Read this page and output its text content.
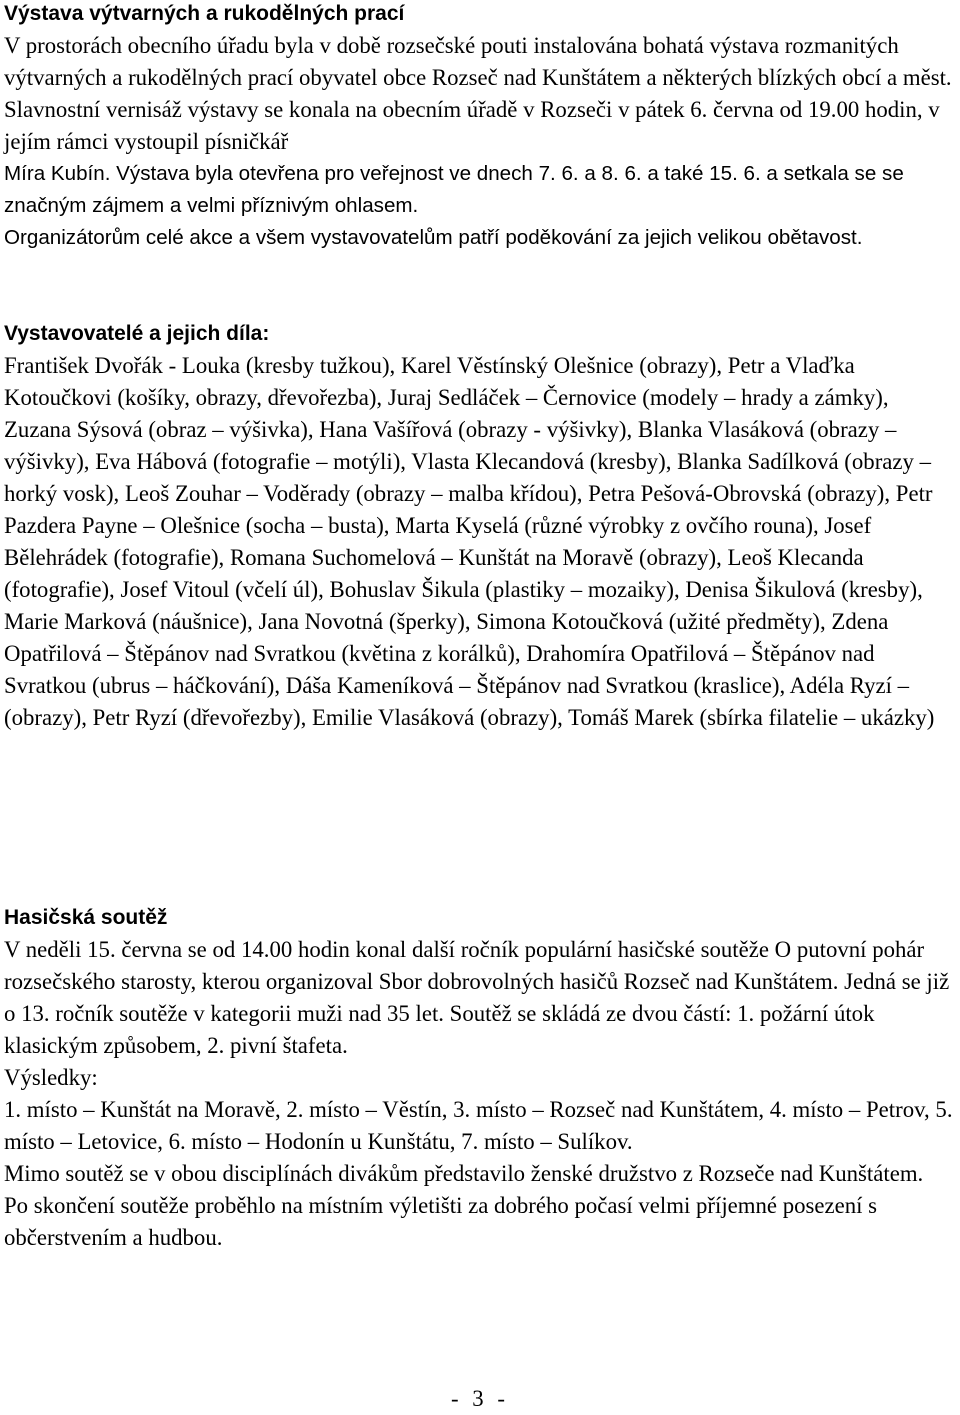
Výstava výtvarných a rukodělných prací

V prostorách obecního úřadu byla v době rozsečské pouti instalována bohatá výstava rozmanitých výtvarných a rukodělných prací obyvatel obce Rozseč nad Kunštátem a některých blízkých obcí a měst. Slavnostní vernisáž výstavy se konala na obecním úřadě v Rozseči v pátek 6. června od 19.00 hodin, v jejím rámci vystoupil písničkář

Míra Kubín. Výstava byla otevřena pro veřejnost ve dnech 7. 6. a 8. 6. a také 15. 6. a setkala se se značným zájmem a velmi příznivým ohlasem.

Organizátorům celé akce a všem vystavovatelům patří poděkování za jejich velikou obětavost.

Vystavovatelé a jejich díla:

František Dvořák - Louka (kresby tužkou), Karel Věstínský Olešnice (obrazy), Petr a Vlaďka Kotoučkovi (košíky, obrazy, dřevořezba), Juraj Sedláček – Černovice (modely – hrady a zámky), Zuzana Sýsová (obraz – výšivka), Hana Vašířová (obrazy - výšivky), Blanka Vlasáková (obrazy – výšivky), Eva Hábová (fotografie – motýli), Vlasta Klecandová (kresby), Blanka Sadílková (obrazy – horký vosk), Leoš Zouhar – Voděrady (obrazy – malba křídou), Petra Pešová-Obrovská (obrazy), Petr Pazdera Payne – Olešnice (socha – busta), Marta Kyselá (různé výrobky z ovčího rouna), Josef Bělehrádek (fotografie), Romana Suchomelová – Kunštát na Moravě (obrazy), Leoš Klecanda (fotografie), Josef Vitoul (včelí úl), Bohuslav Šikula (plastiky – mozaiky), Denisa Šikulová (kresby), Marie Marková (náušnice), Jana Novotná (šperky), Simona Kotoučková (užité předměty), Zdena Opatřilová – Štěpánov nad Svratkou (květina z korálků), Drahomíra Opatřilová – Štěpánov nad Svratkou (ubrus – háčkování), Dáša Kameníková – Štěpánov nad Svratkou (kraslice), Adéla Ryzí – (obrazy), Petr Ryzí (dřevořezby), Emilie Vlasáková (obrazy), Tomáš Marek (sbírka filatelie – ukázky)

Hasičská soutěž

V neděli 15. června se od 14.00 hodin konal další ročník populární hasičské soutěže O putovní pohár rozsečského starosty, kterou organizoval Sbor dobrovolných hasičů Rozseč nad Kunštátem. Jedná se již o 13. ročník soutěže v kategorii muži nad 35 let. Soutěž se skládá ze dvou částí: 1. požární útok klasickým způsobem, 2. pivní štafeta.

Výsledky:

1. místo – Kunštát na Moravě, 2. místo – Věstín, 3. místo – Rozseč nad Kunštátem, 4. místo – Petrov, 5. místo – Letovice, 6. místo – Hodonín u Kunštátu, 7. místo – Sulíkov.

Mimo soutěž se v obou disciplínách divákům představilo ženské družstvo z Rozseče nad Kunštátem.

Po skončení soutěže proběhlo na místním výletišti za dobrého počasí velmi příjemné posezení s občerstvením a hudbou.

- 3 -
